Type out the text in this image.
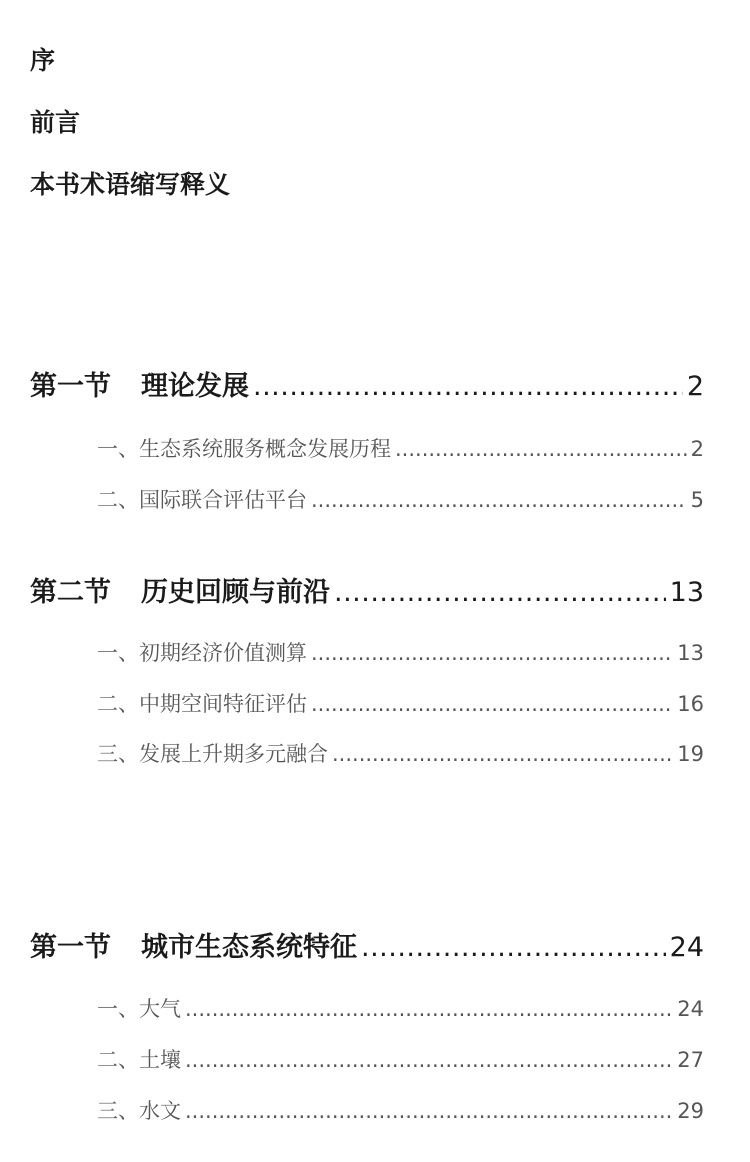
序
前言
本书术语缩写释义
第一节 理论发展 .....	2
一、生态系统服务概念发展历程 .....	2
二、国际联合评估平台 .....	5
第二节 历史回顾与前沿 .....	13
一、初期经济价值测算 .....	13
二、中期空间特征评估 .....	16
三、发展上升期多元融合 .....	19
第一节 城市生态系统特征 .....	24
一、大气 .....	24
二、土壤 .....	27
三、水文 .....	29
